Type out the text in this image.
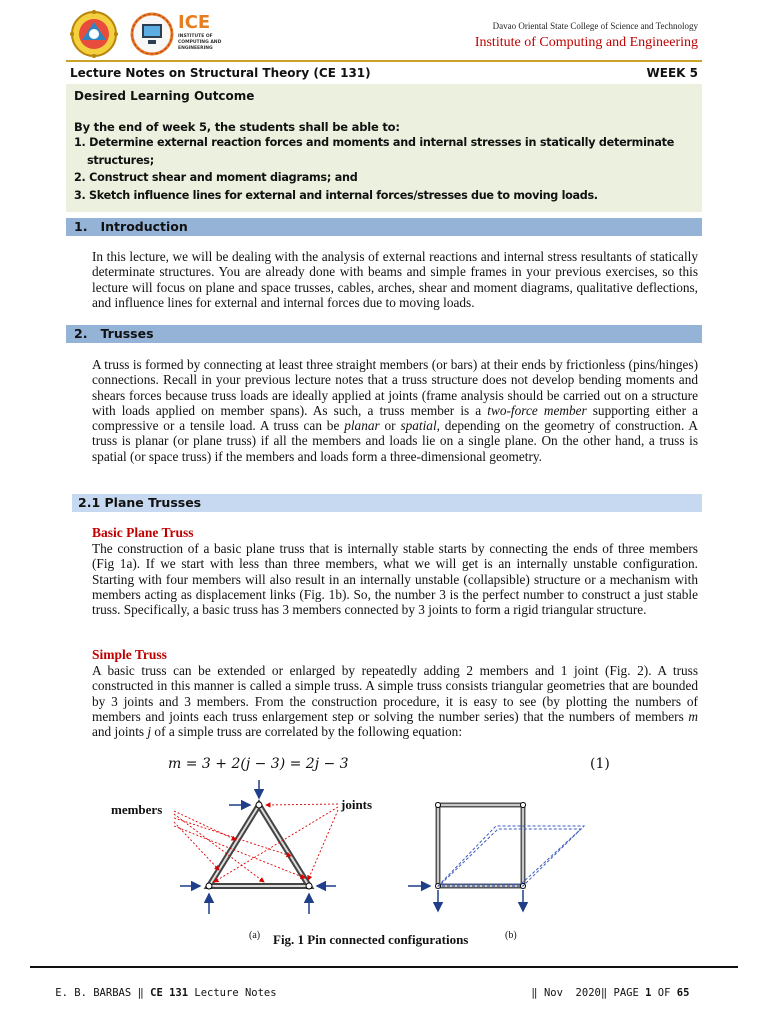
ICE
INSTITUTE OF COMPUTING AND ENGINEERING
Davao Oriental State College of Science and Technology
Institute of Computing and Engineering
Lecture Notes on Structural Theory (CE 131)	WEEK 5
Desired Learning Outcome
By the end of week 5, the students shall be able to:
1. Determine external reaction forces and moments and internal stresses in statically determinate
structures;
2. Construct shear and moment diagrams; and
3. Sketch influence lines for external and internal forces/stresses due to moving loads.
1.   Introduction
In this lecture, we will be dealing with the analysis of external reactions and internal stress resultants of statically determinate structures. You are already done with beams and simple frames in your previous exercises, so this lecture will focus on plane and space trusses, cables, arches, shear and moment diagrams, qualitative deflections, and influence lines for external and internal forces due to moving loads.
2.   Trusses
A truss is formed by connecting at least three straight members (or bars) at their ends by frictionless (pins/hinges) connections. Recall in your previous lecture notes that a truss structure does not develop bending moments and shears forces because truss loads are ideally applied at joints (frame analysis should be carried out on a structure with loads applied on member spans). As such, a truss member is a two-force member supporting either a compressive or a tensile load. A truss can be planar or spatial, depending on the geometry of construction. A truss is planar (or plane truss) if all the members and loads lie on a single plane. On the other hand, a truss is spatial (or space truss) if the members and loads form a three-dimensional geometry.
2.1 Plane Trusses
Basic Plane Truss
The construction of a basic plane truss that is internally stable starts by connecting the ends of three members (Fig 1a). If we start with less than three members, what we will get is an internally unstable configuration. Starting with four members will also result in an internally unstable (collapsible) structure or a mechanism with members acting as displacement links (Fig. 1b). So, the number 3 is the perfect number to construct a just stable truss. Specifically, a basic truss has 3 members connected by 3 joints to form a rigid triangular structure.
Simple Truss
A basic truss can be extended or enlarged by repeatedly adding 2 members and 1 joint (Fig. 2). A truss constructed in this manner is called a simple truss. A simple truss consists triangular geometries that are bounded by 3 joints and 3 members. From the construction procedure, it is easy to see (by plotting the numbers of members and joints each truss enlargement step or solving the number series) that the numbers of members m and joints j of a simple truss are correlated by the following equation:
m = 3 + 2(j − 3) = 2j − 3	(1)
members	joints
(a)	(b)
Fig. 1 Pin connected configurations

E. B. BARBAS ‖ CE 131 Lecture Notes
	‖ Nov  2020‖ PAGE 1 OF 65
